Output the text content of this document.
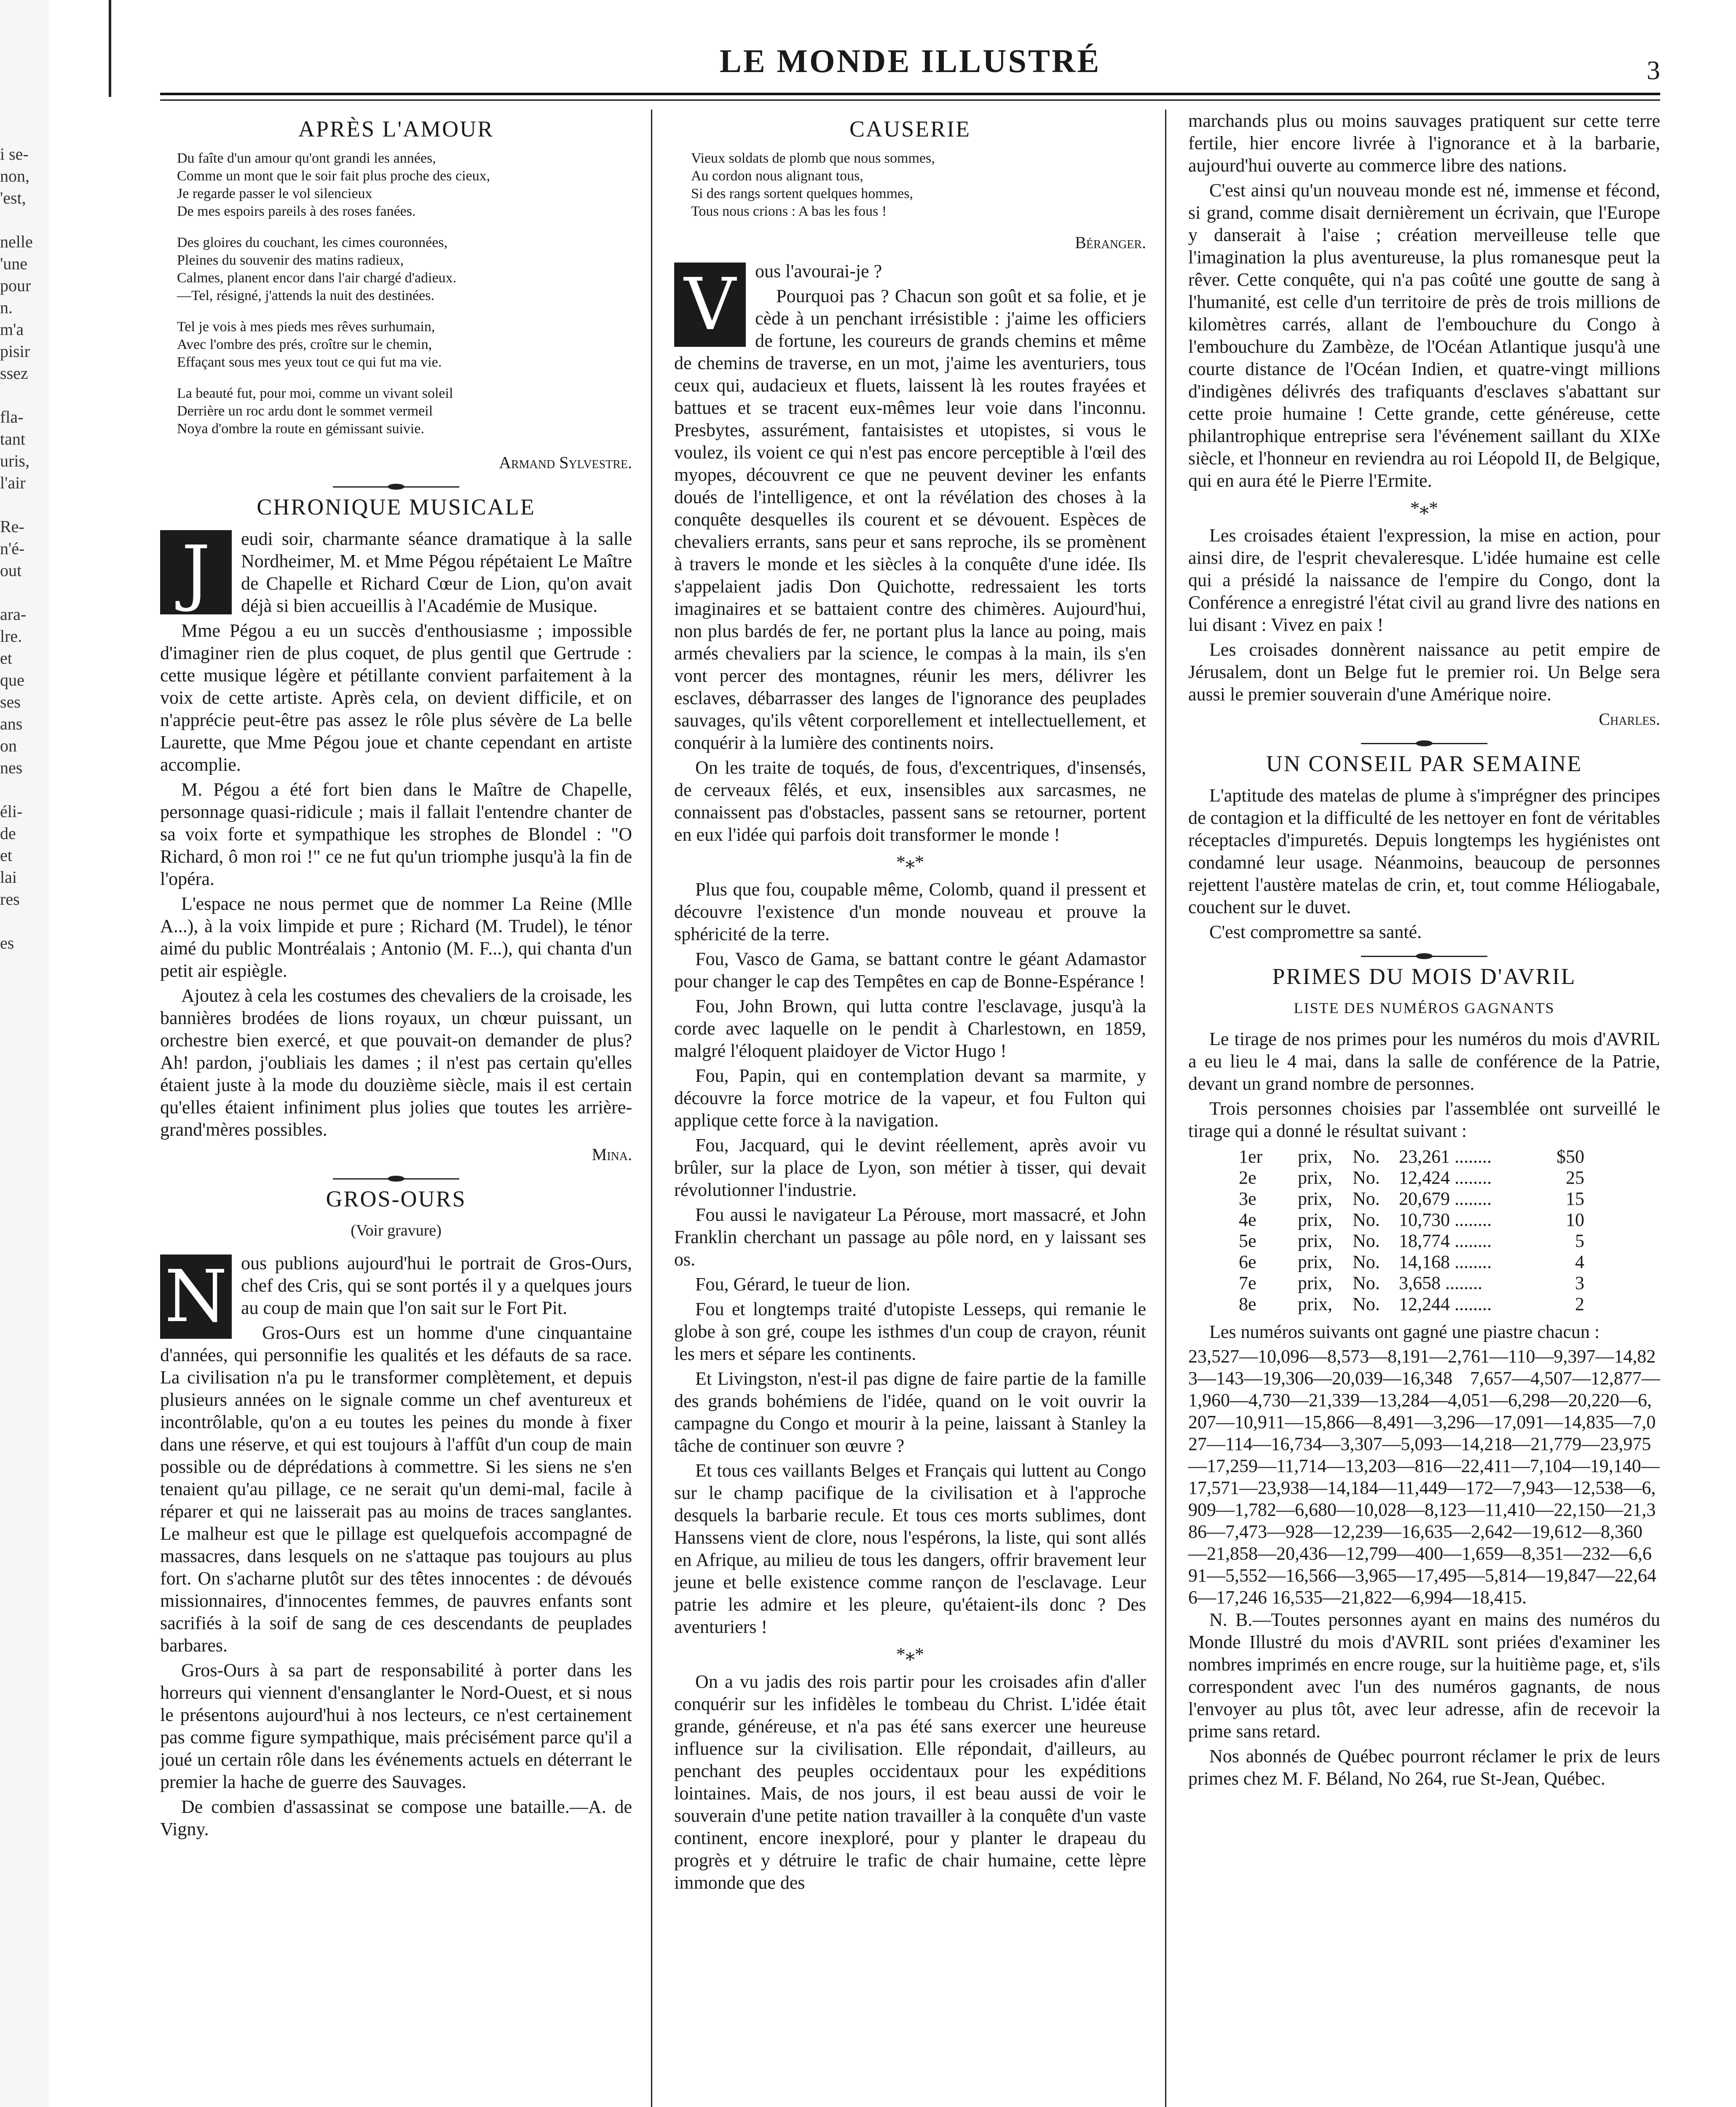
i se-
non,
'est,

nelle
'une
pour
n.
m'a
pisir
ssez

fla-
tant
uris,
l'air

Re-
n'é-
out

ara-
lre.
et
que
ses
ans
on
nes

éli-
de
et
lai
res

es
LE MONDE ILLUSTRÉ	3
APRÈS L'AMOUR

Du faîte d'un amour qu'ont grandi les années,
Comme un mont que le soir fait plus proche des cieux,
Je regarde passer le vol silencieux
De mes espoirs pareils à des roses fanées.

Des gloires du couchant, les cimes couronnées,
Pleines du souvenir des matins radieux,
Calmes, planent encor dans l'air chargé d'adieux.
—Tel, résigné, j'attends la nuit des destinées.

Tel je vois à mes pieds mes rêves surhumain,
Avec l'ombre des prés, croître sur le chemin,
Effaçant sous mes yeux tout ce qui fut ma vie.

La beauté fut, pour moi, comme un vivant soleil
Derrière un roc ardu dont le sommet vermeil
Noya d'ombre la route en gémissant suivie.

Armand Sylvestre.
CHRONIQUE MUSICALE
J	eudi soir, charmante séance dramatique à la salle Nordheimer, M. et Mme Pégou répétaient Le Maître de Chapelle et Richard Cœur de Lion, qu'on avait déjà si bien accueillis à l'Académie de Musique.

Mme Pégou a eu un succès d'enthousiasme ; impossible d'imaginer rien de plus coquet, de plus gentil que Gertrude : cette musique légère et pétillante convient parfaitement à la voix de cette artiste. Après cela, on devient difficile, et on n'apprécie peut-être pas assez le rôle plus sévère de La belle Laurette, que Mme Pégou joue et chante cependant en artiste accomplie.

M. Pégou a été fort bien dans le Maître de Chapelle, personnage quasi-ridicule ; mais il fallait l'entendre chanter de sa voix forte et sympathique les strophes de Blondel : "O Richard, ô mon roi !" ce ne fut qu'un triomphe jusqu'à la fin de l'opéra.

L'espace ne nous permet que de nommer La Reine (Mlle A...), à la voix limpide et pure ; Richard (M. Trudel), le ténor aimé du public Montréalais ; Antonio (M. F...), qui chanta d'un petit air espiègle.

Ajoutez à cela les costumes des chevaliers de la croisade, les bannières brodées de lions royaux, un chœur puissant, un orchestre bien exercé, et que pouvait-on demander de plus? Ah! pardon, j'oubliais les dames ; il n'est pas certain qu'elles étaient juste à la mode du douzième siècle, mais il est certain qu'elles étaient infiniment plus jolies que toutes les arrière-grand'mères possibles.

Mina.
GROS-OURS
(Voir gravure)
N ous publions aujourd'hui le portrait de Gros-Ours, chef des Cris, qui se sont portés il y a quelques jours au coup de main que l'on sait sur le Fort Pit.

Gros-Ours est un homme d'une cinquantaine d'années, qui personnifie les qualités et les défauts de sa race. La civilisation n'a pu le transformer complètement, et depuis plusieurs années on le signale comme un chef aventureux et incontrôlable, qu'on a eu toutes les peines du monde à fixer dans une réserve, et qui est toujours à l'affût d'un coup de main possible ou de déprédations à commettre. Si les siens ne s'en tenaient qu'au pillage, ce ne serait qu'un demi-mal, facile à réparer et qui ne laisserait pas au moins de traces sanglantes. Le malheur est que le pillage est quelquefois accompagné de massacres, dans lesquels on ne s'attaque pas toujours au plus fort. On s'acharne plutôt sur des têtes innocentes : de dévoués missionnaires, d'innocentes femmes, de pauvres enfants sont sacrifiés à la soif de sang de ces descendants de peuplades barbares.

Gros-Ours à sa part de responsabilité à porter dans les horreurs qui viennent d'ensanglanter le Nord-Ouest, et si nous le présentons aujourd'hui à nos lecteurs, ce n'est certainement pas comme figure sympathique, mais précisément parce qu'il a joué un certain rôle dans les événements actuels en déterrant le premier la hache de guerre des Sauvages.

De combien d'assassinat se compose une bataille.—A. de Vigny.

CAUSERIE

Vieux soldats de plomb que nous sommes,
Au cordon nous alignant tous,
Si des rangs sortent quelques hommes,
Tous nous crions : A bas les fous !

Béranger.
V	ous l'avourai-je ?

Pourquoi pas ? Chacun son goût et sa folie, et je cède à un penchant irrésistible : j'aime les officiers de fortune, les coureurs de grands chemins et même de chemins de traverse, en un mot, j'aime les aventuriers, tous ceux qui, audacieux et fluets, laissent là les routes frayées et battues et se tracent eux-mêmes leur voie dans l'inconnu. Presbytes, assurément, fantaisistes et utopistes, si vous le voulez, ils voient ce qui n'est pas encore perceptible à l'œil des myopes, découvrent ce que ne peuvent deviner les enfants doués de l'intelligence, et ont la révélation des choses à la conquête desquelles ils courent et se dévouent. Espèces de chevaliers errants, sans peur et sans reproche, ils se promènent à travers le monde et les siècles à la conquête d'une idée. Ils s'appelaient jadis Don Quichotte, redressaient les torts imaginaires et se battaient contre des chimères. Aujourd'hui, non plus bardés de fer, ne portant plus la lance au poing, mais armés chevaliers par la science, le compas à la main, ils s'en vont percer des montagnes, réunir les mers, délivrer les esclaves, débarrasser des langes de l'ignorance des peuplades sauvages, qu'ils vêtent corporellement et intellectuellement, et conquérir à la lumière des continents noirs.

On les traite de toqués, de fous, d'excentriques, d'insensés, de cerveaux fêlés, et eux, insensibles aux sarcasmes, ne connaissent pas d'obstacles, passent sans se retourner, portent en eux l'idée qui parfois doit transformer le monde !

*⁎*

Plus que fou, coupable même, Colomb, quand il pressent et découvre l'existence d'un monde nouveau et prouve la sphéricité de la terre.

Fou, Vasco de Gama, se battant contre le géant Adamastor pour changer le cap des Tempêtes en cap de Bonne-Espérance !

Fou, John Brown, qui lutta contre l'esclavage, jusqu'à la corde avec laquelle on le pendit à Charlestown, en 1859, malgré l'éloquent plaidoyer de Victor Hugo !

Fou, Papin, qui en contemplation devant sa marmite, y découvre la force motrice de la vapeur, et fou Fulton qui applique cette force à la navigation.

Fou, Jacquard, qui le devint réellement, après avoir vu brûler, sur la place de Lyon, son métier à tisser, qui devait révolutionner l'industrie.

Fou aussi le navigateur La Pérouse, mort massacré, et John Franklin cherchant un passage au pôle nord, en y laissant ses os.

Fou, Gérard, le tueur de lion.

Fou et longtemps traité d'utopiste Lesseps, qui remanie le globe à son gré, coupe les isthmes d'un coup de crayon, réunit les mers et sépare les continents.

Et Livingston, n'est-il pas digne de faire partie de la famille des grands bohémiens de l'idée, quand on le voit ouvrir la campagne du Congo et mourir à la peine, laissant à Stanley la tâche de continuer son œuvre ?

Et tous ces vaillants Belges et Français qui luttent au Congo sur le champ pacifique de la civilisation et à l'approche desquels la barbarie recule. Et tous ces morts sublimes, dont Hanssens vient de clore, nous l'espérons, la liste, qui sont allés en Afrique, au milieu de tous les dangers, offrir bravement leur jeune et belle existence comme rançon de l'esclavage. Leur patrie les admire et les pleure, qu'étaient-ils donc ? Des aventuriers !

*⁎*

On a vu jadis des rois partir pour les croisades afin d'aller conquérir sur les infidèles le tombeau du Christ. L'idée était grande, généreuse, et n'a pas été sans exercer une heureuse influence sur la civilisation. Elle répondait, d'ailleurs, au penchant des peuples occidentaux pour les expéditions lointaines. Mais, de nos jours, il est beau aussi de voir le souverain d'une petite nation travailler à la conquête d'un vaste continent, encore inexploré, pour y planter le drapeau du progrès et y détruire le trafic de chair humaine, cette lèpre immonde que des

marchands plus ou moins sauvages pratiquent sur cette terre fertile, hier encore livrée à l'ignorance et à la barbarie, aujourd'hui ouverte au commerce libre des nations.

C'est ainsi qu'un nouveau monde est né, immense et fécond, si grand, comme disait dernièrement un écrivain, que l'Europe y danserait à l'aise ; création merveilleuse telle que l'imagination la plus aventureuse, la plus romanesque peut la rêver. Cette conquête, qui n'a pas coûté une goutte de sang à l'humanité, est celle d'un territoire de près de trois millions de kilomètres carrés, allant de l'embouchure du Congo à l'embouchure du Zambèze, de l'Océan Atlantique jusqu'à une courte distance de l'Océan Indien, et quatre-vingt millions d'indigènes délivrés des trafiquants d'esclaves s'abattant sur cette proie humaine ! Cette grande, cette généreuse, cette philantrophique entreprise sera l'événement saillant du XIXe siècle, et l'honneur en reviendra au roi Léopold II, de Belgique, qui en aura été le Pierre l'Ermite.

*⁎*

Les croisades étaient l'expression, la mise en action, pour ainsi dire, de l'esprit chevaleresque. L'idée humaine est celle qui a présidé la naissance de l'empire du Congo, dont la Conférence a enregistré l'état civil au grand livre des nations en lui disant : Vivez en paix !

Les croisades donnèrent naissance au petit empire de Jérusalem, dont un Belge fut le premier roi. Un Belge sera aussi le premier souverain d'une Amérique noire.

Charles.
UN CONSEIL PAR SEMAINE

L'aptitude des matelas de plume à s'imprégner des principes de contagion et la difficulté de les nettoyer en font de véritables réceptacles d'impuretés. Depuis longtemps les hygiénistes ont condamné leur usage. Néanmoins, beaucoup de personnes rejettent l'austère matelas de crin, et, tout comme Héliogabale, couchent sur le duvet.

C'est compromettre sa santé.

PRIMES DU MOIS D'AVRIL
LISTE DES NUMÉROS GAGNANTS

Le tirage de nos primes pour les numéros du mois d'AVRIL a eu lieu le 4 mai, dans la salle de conférence de la Patrie, devant un grand nombre de personnes.

Trois personnes choisies par l'assemblée ont surveillé le tirage qui a donné le résultat suivant :

1er	prix,	No.	23,261 ........	$50
2e	prix,	No.	12,424 ........	25
3e	prix,	No.	20,679 ........	15
4e	prix,	No.	10,730 ........	10
5e	prix,	No.	18,774 ........	5
6e	prix,	No.	14,168 ........	4
7e	prix,	No.	3,658 ........	3
8e	prix,	No.	12,244 ........	2

Les numéros suivants ont gagné une piastre chacun :

23,527—10,096—8,573—8,191—2,761—110—9,397—14,823—143—19,306—20,039—16,348 7,657—4,507—12,877—1,960—4,730—21,339—13,284—4,051—6,298—20,220—6,207—10,911—15,866—8,491—3,296—17,091—14,835—7,027—114—16,734—3,307—5,093—14,218—21,779—23,975—17,259—11,714—13,203—816—22,411—7,104—19,140—17,571—23,938—14,184—11,449—172—7,943—12,538—6,909—1,782—6,680—10,028—8,123—11,410—22,150—21,386—7,473—928—12,239—16,635—2,642—19,612—8,360—21,858—20,436—12,799—400—1,659—8,351—232—6,691—5,552—16,566—3,965—17,495—5,814—19,847—22,646—17,246 16,535—21,822—6,994—18,415.

N. B.—Toutes personnes ayant en mains des numéros du Monde Illustré du mois d'AVRIL sont priées d'examiner les nombres imprimés en encre rouge, sur la huitième page, et, s'ils correspondent avec l'un des numéros gagnants, de nous l'envoyer au plus tôt, avec leur adresse, afin de recevoir la prime sans retard.

Nos abonnés de Québec pourront réclamer le prix de leurs primes chez M. F. Béland, No 264, rue St-Jean, Québec.
